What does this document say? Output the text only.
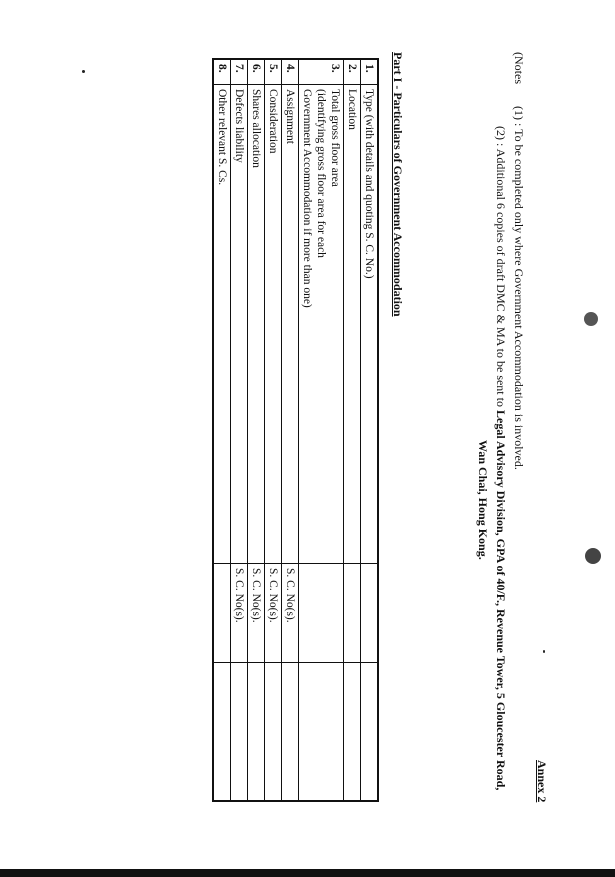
Annex 2
(Notes
(1) : To be completed only where Government Accommodation is involved.
(2) : Additional 6 copies of draft DMC & MA to be sent to Legal Advisory Division, GPA of 40/F., Revenue Tower, 5 Gloucester Road,
Wan Chai, Hong Kong.
Part I - Particulars of Government Accommodation
1.	Type (with details and quoting S. C. No.)		

2.	Location		

3.	Total gross floor area
(identifying gross floor area for each
Government Accommodation if more than one)		

4.	Assignment	S. C. No(s).	
5.	Consideration	S. C. No(s).	
6.	Shares allocation	S. C. No(s).	
7.	Defects liability	S. C. No(s).	
8.	Other relevant S. Cs.		
